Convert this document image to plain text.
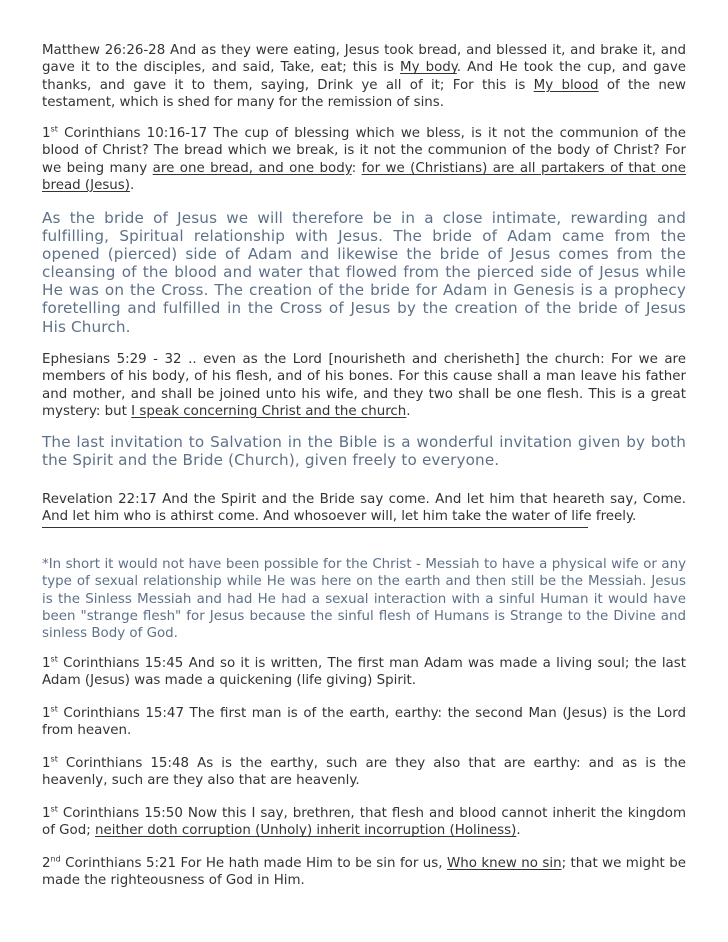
Matthew 26:26-28 And as they were eating, Jesus took bread, and blessed it, and brake it, and gave it to the disciples, and said, Take, eat; this is My body. And He took the cup, and gave thanks, and gave it to them, saying, Drink ye all of it; For this is My blood of the new testament, which is shed for many for the remission of sins.

1st Corinthians 10:16-17 The cup of blessing which we bless, is it not the communion of the blood of Christ? The bread which we break, is it not the communion of the body of Christ? For we being many are one bread, and one body: for we (Christians) are all partakers of that one bread (Jesus).

As the bride of Jesus we will therefore be in a close intimate, rewarding and fulfilling, Spiritual relationship with Jesus. The bride of Adam came from the opened (pierced) side of Adam and likewise the bride of Jesus comes from the cleansing of the blood and water that flowed from the pierced side of Jesus while He was on the Cross. The creation of the bride for Adam in Genesis is a prophecy foretelling and fulfilled in the Cross of Jesus by the creation of the bride of Jesus His Church.

Ephesians 5:29 - 32 .. even as the Lord [nourisheth and cherisheth] the church: For we are members of his body, of his flesh, and of his bones. For this cause shall a man leave his father and mother, and shall be joined unto his wife, and they two shall be one flesh. This is a great mystery: but I speak concerning Christ and the church.

The last invitation to Salvation in the Bible is a wonderful invitation given by both the Spirit and the Bride (Church), given freely to everyone.

Revelation 22:17 And the Spirit and the Bride say come. And let him that heareth say, Come. And let him who is athirst come. And whosoever will, let him take the water of life freely.

*In short it would not have been possible for the Christ - Messiah to have a physical wife or any type of sexual relationship while He was here on the earth and then still be the Messiah. Jesus is the Sinless Messiah and had He had a sexual interaction with a sinful Human it would have been "strange flesh" for Jesus because the sinful flesh of Humans is Strange to the Divine and sinless Body of God.

1st Corinthians 15:45 And so it is written, The first man Adam was made a living soul; the last Adam (Jesus) was made a quickening (life giving) Spirit.

1st Corinthians 15:47 The first man is of the earth, earthy: the second Man (Jesus) is the Lord from heaven.

1st Corinthians 15:48 As is the earthy, such are they also that are earthy: and as is the heavenly, such are they also that are heavenly.

1st Corinthians 15:50 Now this I say, brethren, that flesh and blood cannot inherit the kingdom of God; neither doth corruption (Unholy) inherit incorruption (Holiness).

2nd Corinthians 5:21 For He hath made Him to be sin for us, Who knew no sin; that we might be made the righteousness of God in Him.
